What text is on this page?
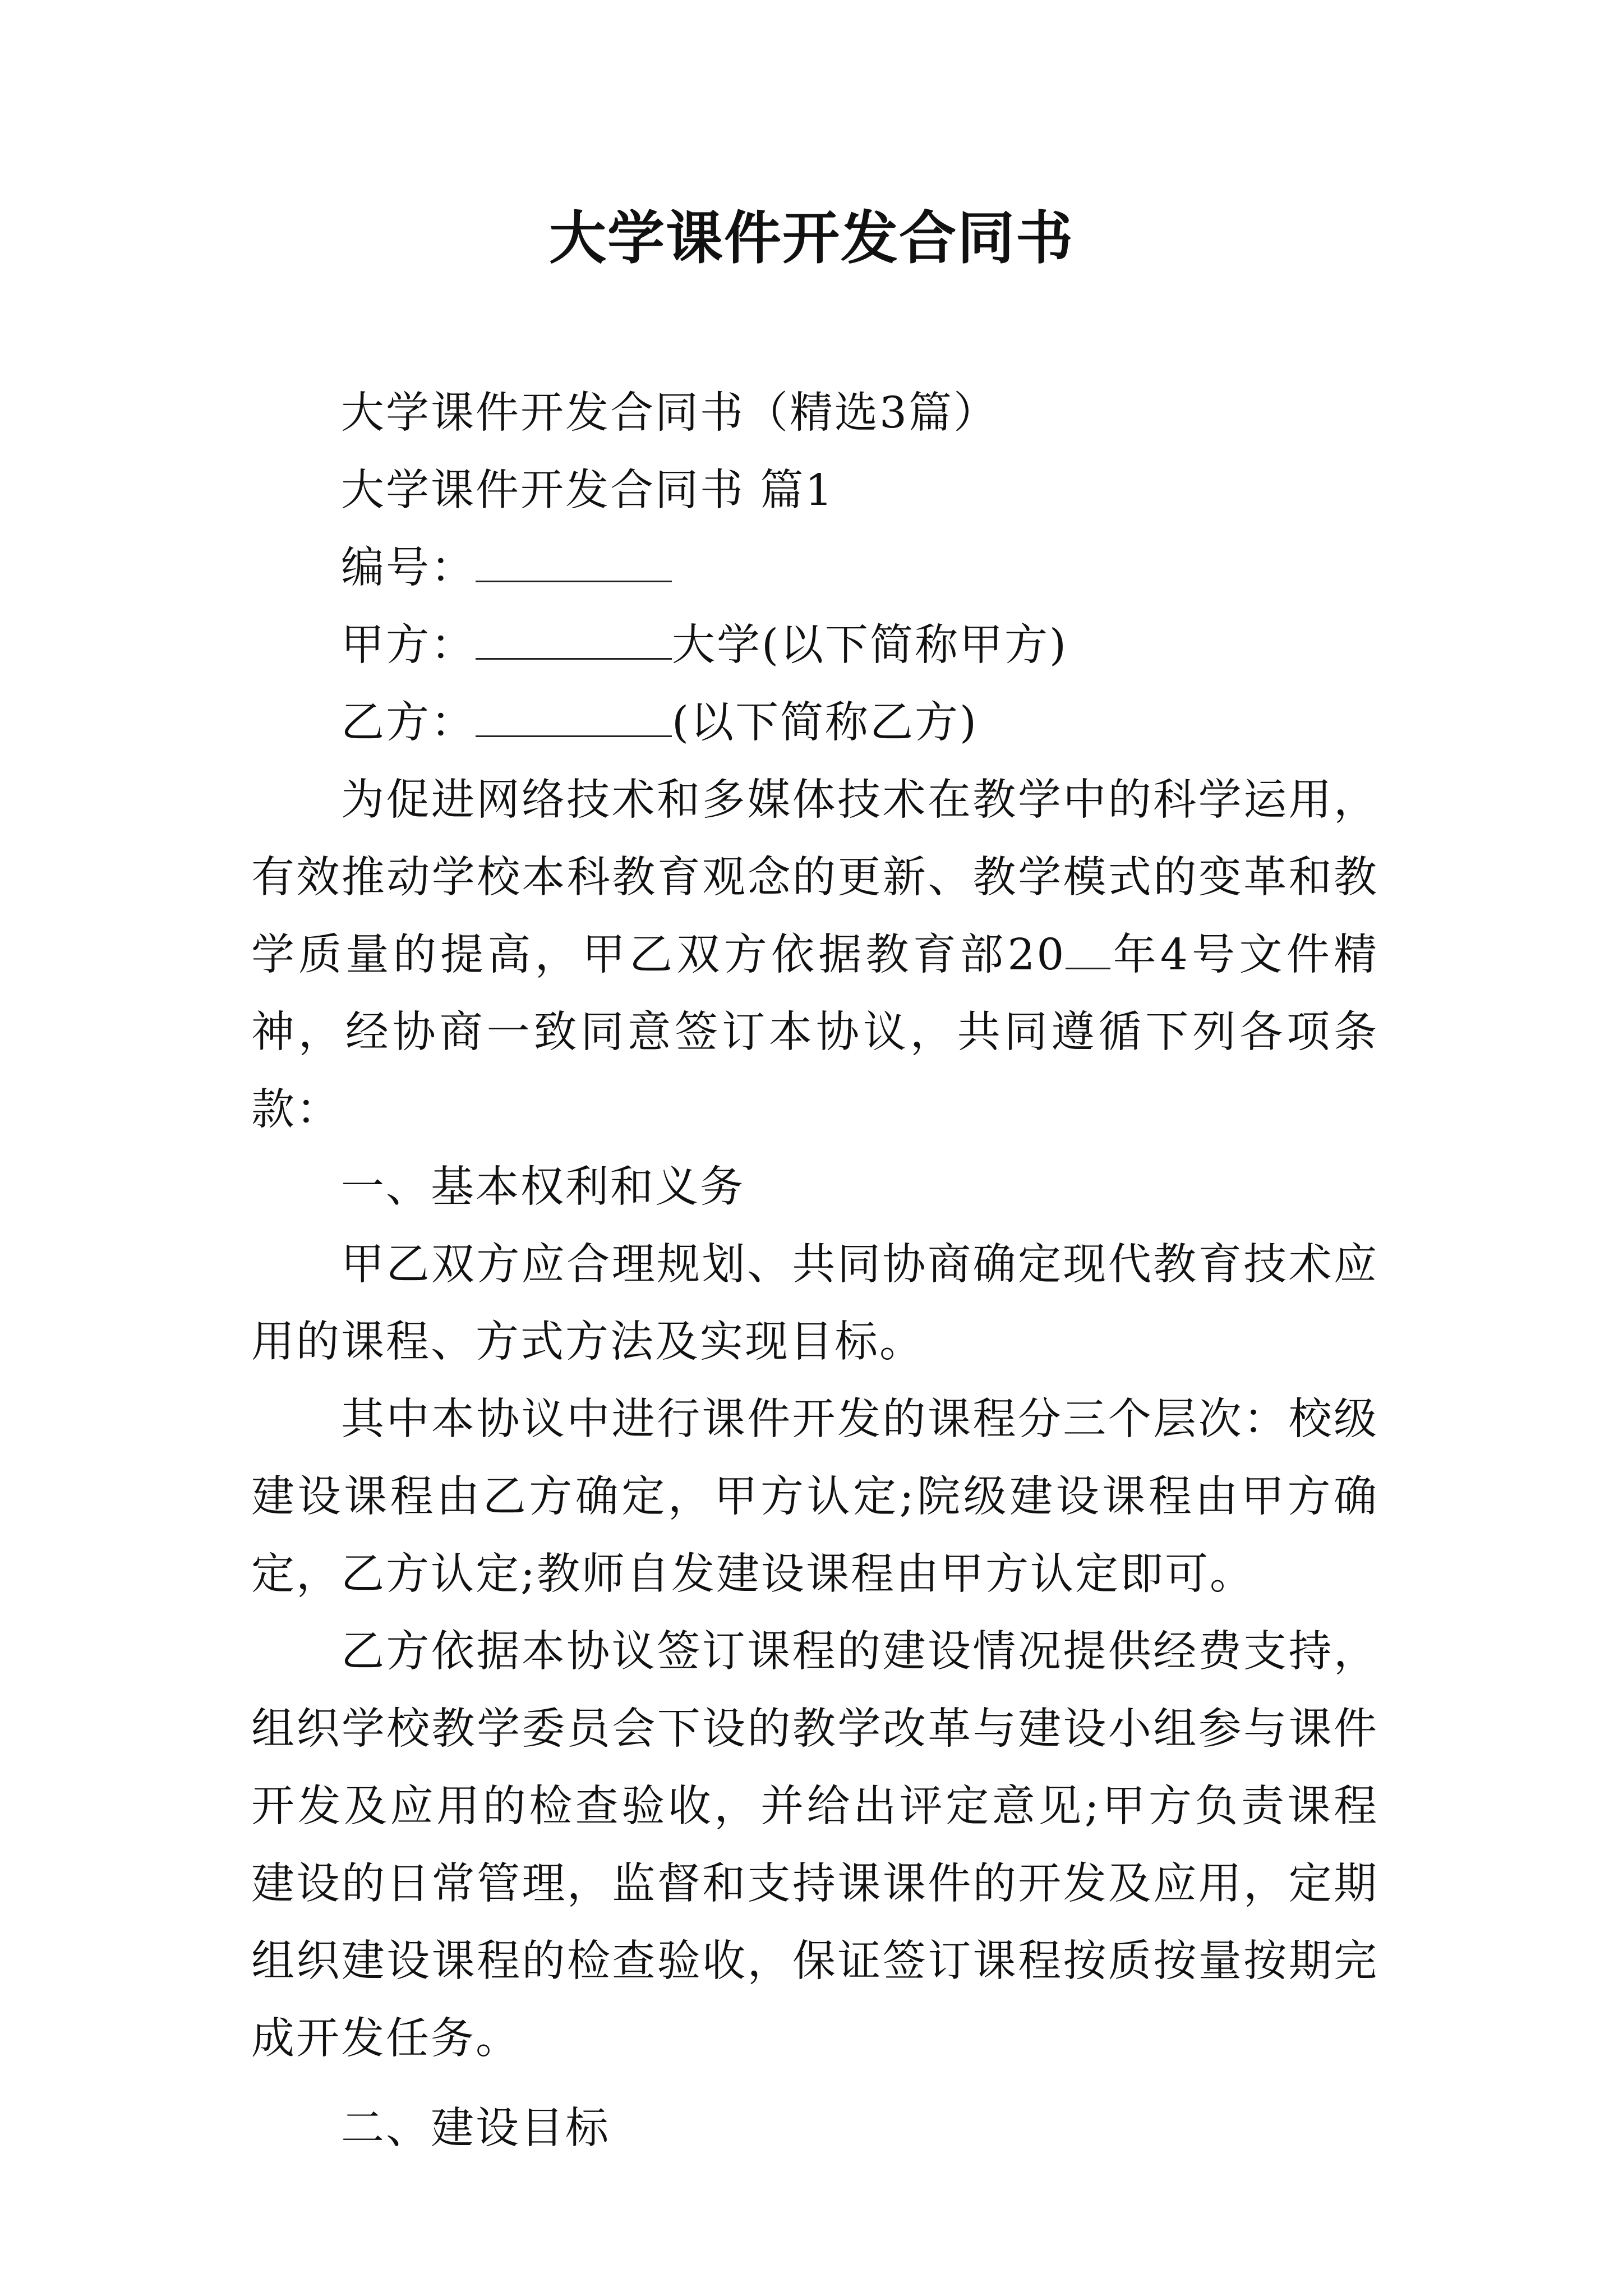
大学课件开发合同书

大学课件开发合同书（精选3篇）

大学课件开发合同书 篇1

编号：

甲方：	大学(以下简称甲方)

乙方：	(以下简称乙方)

为促进网络技术和多媒体技术在教学中的科学运用，有效推动学校本科教育观念的更新、教学模式的变革和教学质量的提高，甲乙双方依据教育部20 年4号文件精神，经协商一致同意签订本协议，共同遵循下列各项条款：

一、基本权利和义务

甲乙双方应合理规划、共同协商确定现代教育技术应用的课程、方式方法及实现目标。

其中本协议中进行课件开发的课程分三个层次：校级建设课程由乙方确定，甲方认定;院级建设课程由甲方确定，乙方认定;教师自发建设课程由甲方认定即可。

乙方依据本协议签订课程的建设情况提供经费支持，组织学校教学委员会下设的教学改革与建设小组参与课件开发及应用的检查验收，并给出评定意见;甲方负责课程建设的日常管理，监督和支持课课件的开发及应用，定期组织建设课程的检查验收，保证签订课程按质按量按期完成开发任务。

二、建设目标
